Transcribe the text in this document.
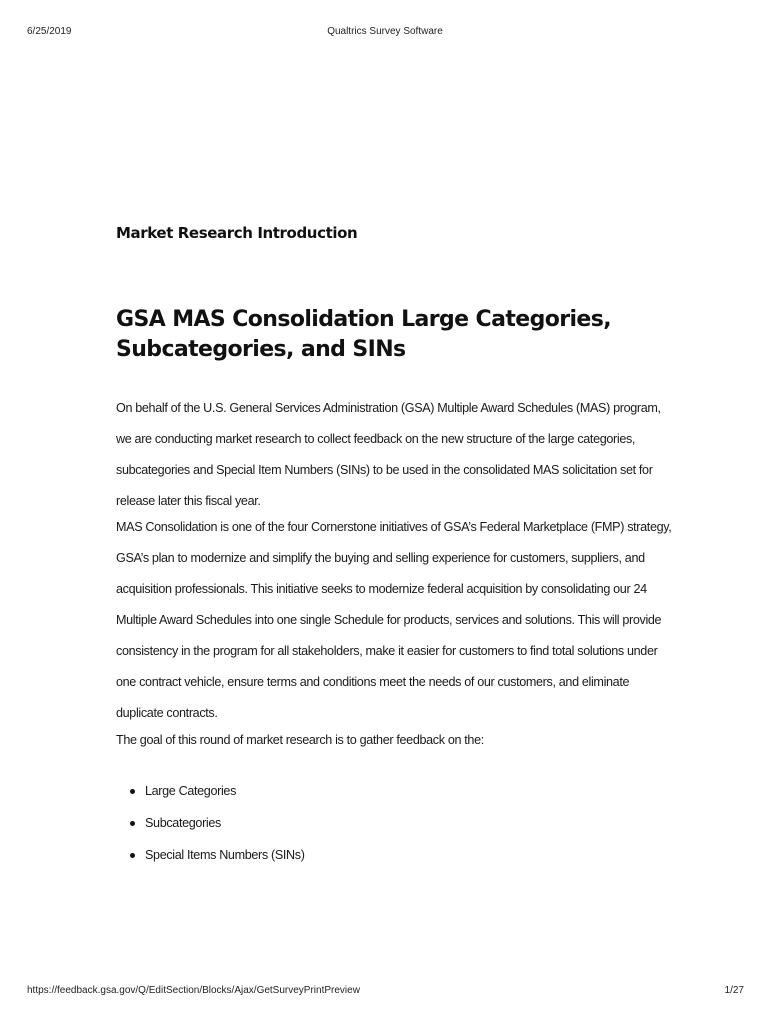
6/25/2019	Qualtrics Survey Software
Market Research Introduction
GSA MAS Consolidation Large Categories, Subcategories, and SINs

On behalf of the U.S. General Services Administration (GSA) Multiple Award Schedules (MAS) program, we are conducting market research to collect feedback on the new structure of the large categories, subcategories and Special Item Numbers (SINs) to be used in the consolidated MAS solicitation set for release later this fiscal year.

MAS Consolidation is one of the four Cornerstone initiatives of GSA’s Federal Marketplace (FMP) strategy, GSA’s plan to modernize and simplify the buying and selling experience for customers, suppliers, and acquisition professionals. This initiative seeks to modernize federal acquisition by consolidating our 24 Multiple Award Schedules into one single Schedule for products, services and solutions. This will provide consistency in the program for all stakeholders, make it easier for customers to find total solutions under one contract vehicle, ensure terms and conditions meet the needs of our customers, and eliminate duplicate contracts.

The goal of this round of market research is to gather feedback on the:

Large Categories
Subcategories
Special Items Numbers (SINs)
https://feedback.gsa.gov/Q/EditSection/Blocks/Ajax/GetSurveyPrintPreview	1/27
